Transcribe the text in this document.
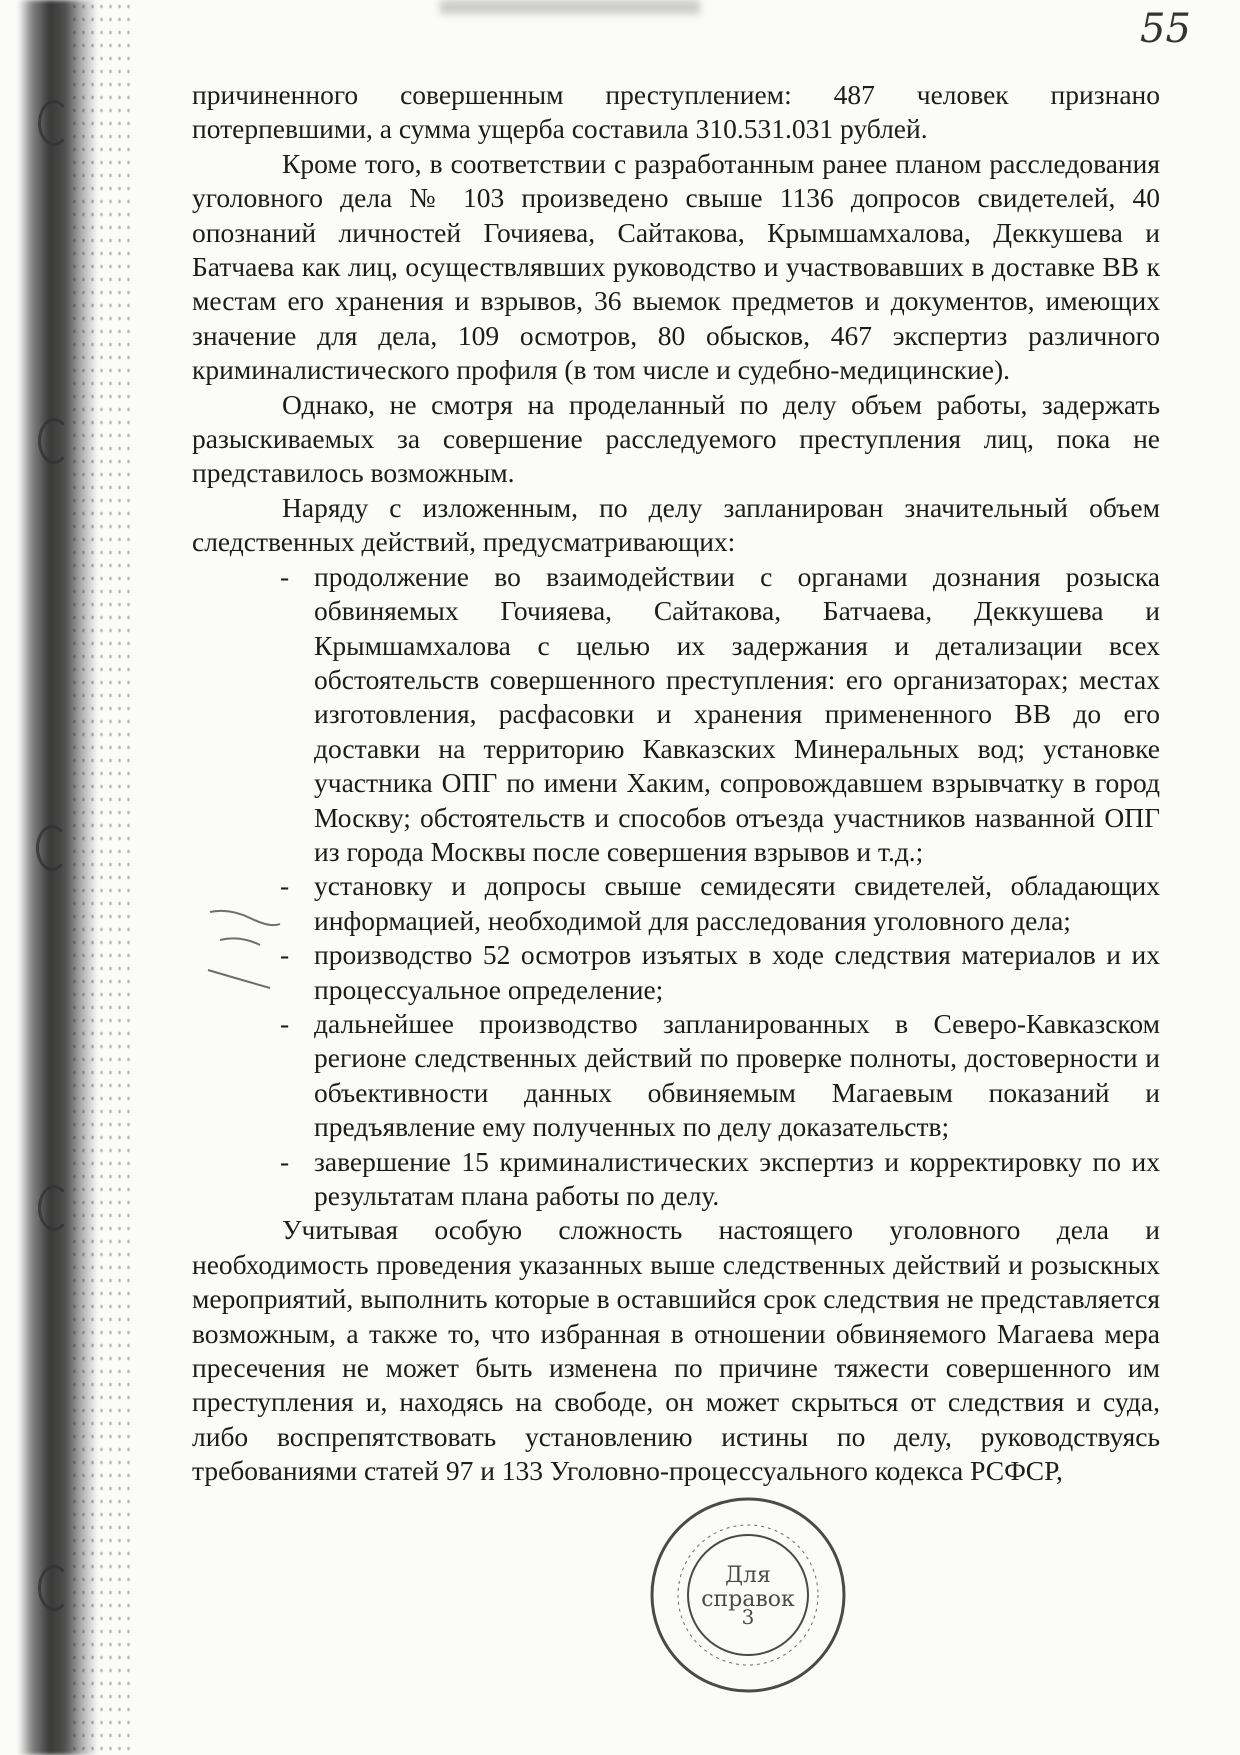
55

причиненного совершенным преступлением: 487 человек признано потерпевшими, а сумма ущерба составила 310.531.031 рублей.

Кроме того, в соответствии с разработанным ранее планом расследования уголовного дела № 103 произведено свыше 1136 допросов свидетелей, 40 опознаний личностей Гочияева, Сайтакова, Крымшамхалова, Деккушева и Батчаева как лиц, осуществлявших руководство и участвовавших в доставке ВВ к местам его хранения и взрывов, 36 выемок предметов и документов, имеющих значение для дела, 109 осмотров, 80 обысков, 467 экспертиз различного криминалистического профиля (в том числе и судебно-медицинские).

Однако, не смотря на проделанный по делу объем работы, задержать разыскиваемых за совершение расследуемого преступления лиц, пока не представилось возможным.

Наряду с изложенным, по делу запланирован значительный объем следственных действий, предусматривающих:

- продолжение во взаимодействии с органами дознания розыска обвиняемых Гочияева, Сайтакова, Батчаева, Деккушева и Крымшамхалова с целью их задержания и детализации всех обстоятельств совершенного преступления: его организаторах; местах изготовления, расфасовки и хранения примененного ВВ до его доставки на территорию Кавказских Минеральных вод; установке участника ОПГ по имени Хаким, сопровождавшем взрывчатку в город Москву; обстоятельств и способов отъезда участников названной ОПГ из города Москвы после совершения взрывов и т.д.;
- установку и допросы свыше семидесяти свидетелей, обладающих информацией, необходимой для расследования уголовного дела;
- производство 52 осмотров изъятых в ходе следствия материалов и их процессуальное определение;
- дальнейшее производство запланированных в Северо-Кавказском регионе следственных действий по проверке полноты, достоверности и объективности данных обвиняемым Магаевым показаний и предъявление ему полученных по делу доказательств;
- завершение 15 криминалистических экспертиз и корректировку по их результатам плана работы по делу.

Учитывая особую сложность настоящего уголовного дела и необходимость проведения указанных выше следственных действий и розыскных мероприятий, выполнить которые в оставшийся срок следствия не представляется возможным, а также то, что избранная в отношении обвиняемого Магаева мера пресечения не может быть изменена по причине тяжести совершенного им преступления и, находясь на свободе, он может скрыться от следствия и суда, либо воспрепятствовать установлению истины по делу, руководствуясь требованиями статей 97 и 133 Уголовно-процессуального кодекса РСФСР,

Для справок
3
